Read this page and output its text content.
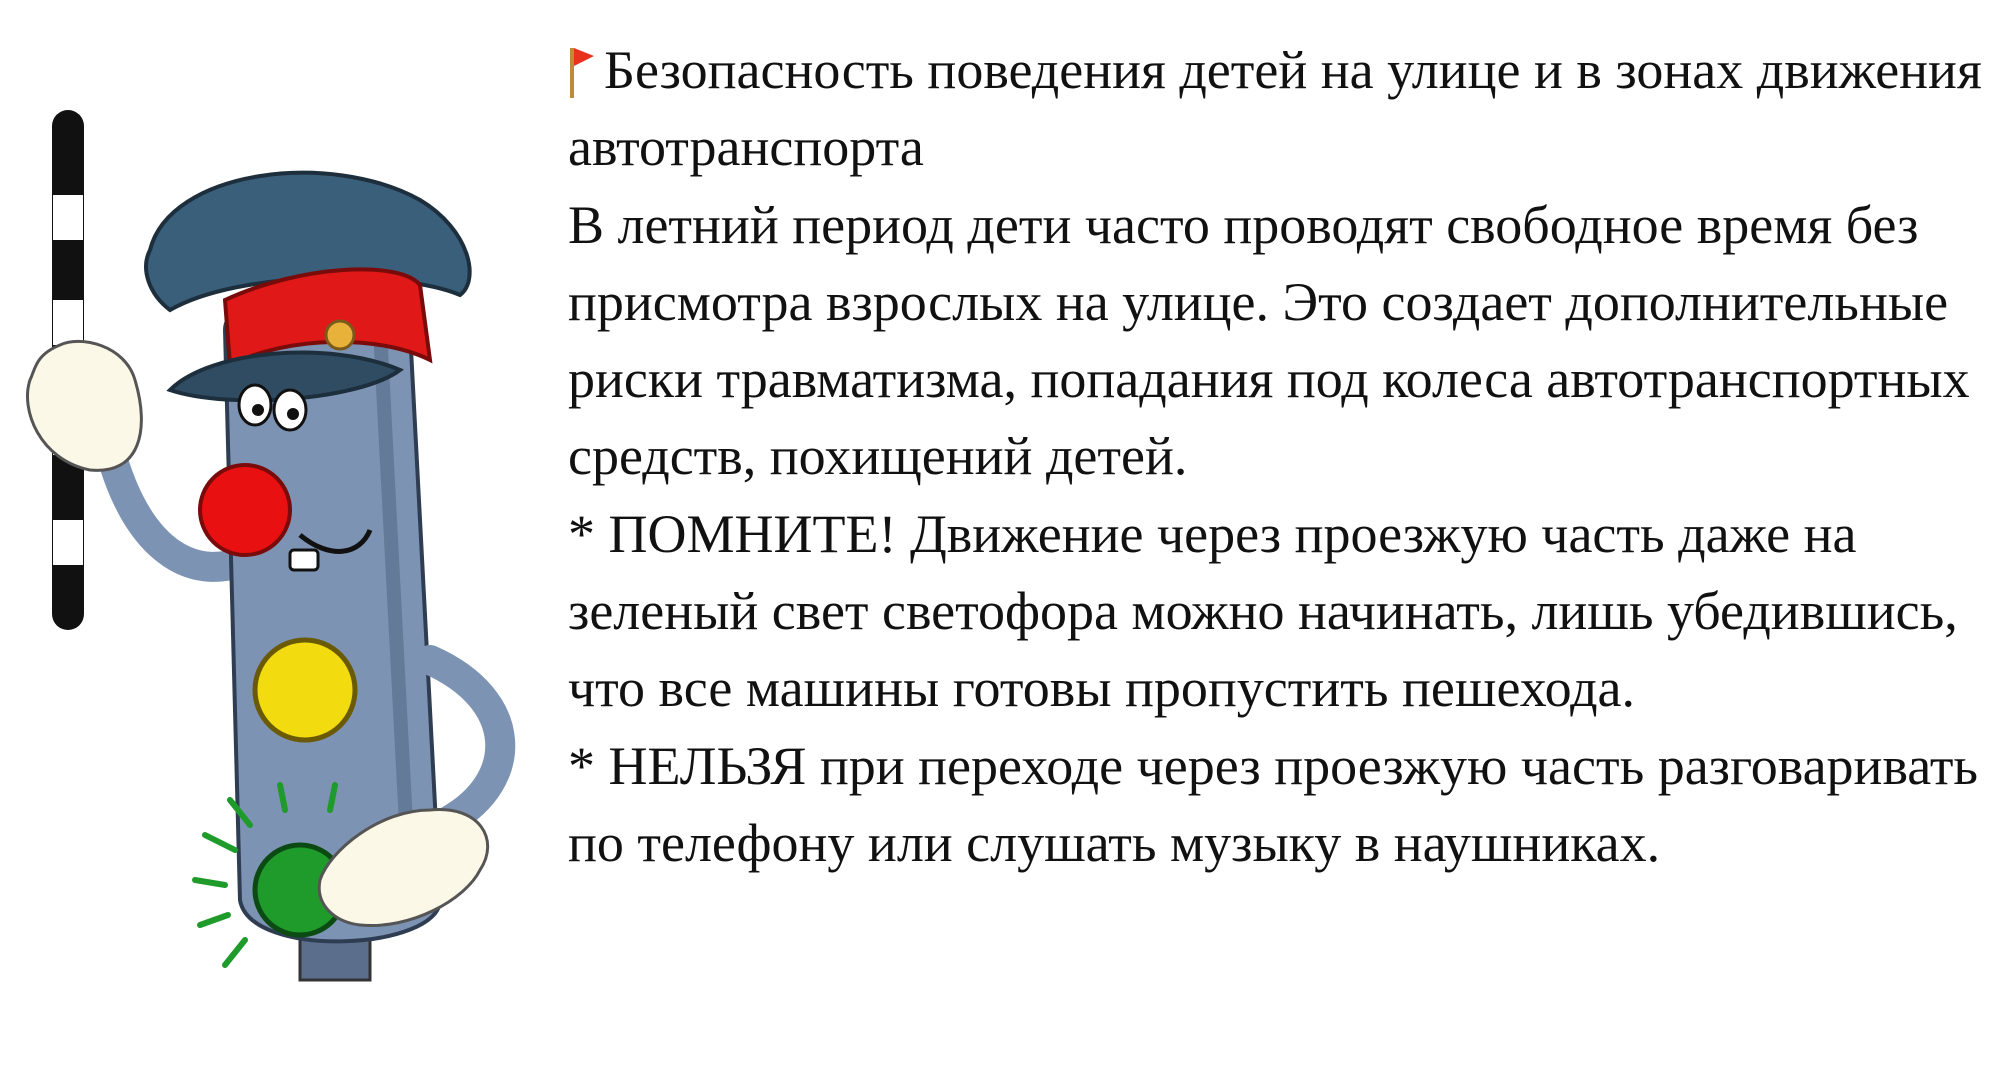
Безопасность поведения детей на улице и в зонах движения автотранспорта

В летний период дети часто проводят свободное время без присмотра взрослых на улице. Это создает дополнительные риски травматизма, попадания под колеса автотранспортных средств, похищений детей.

* ПОМНИТЕ! Движение через проезжую часть даже на зеленый свет светофора можно начинать, лишь убедившись, что все машины готовы пропустить пешехода.

* НЕЛЬЗЯ при переходе через проезжую часть разговаривать по телефону или слушать музыку в наушниках.
